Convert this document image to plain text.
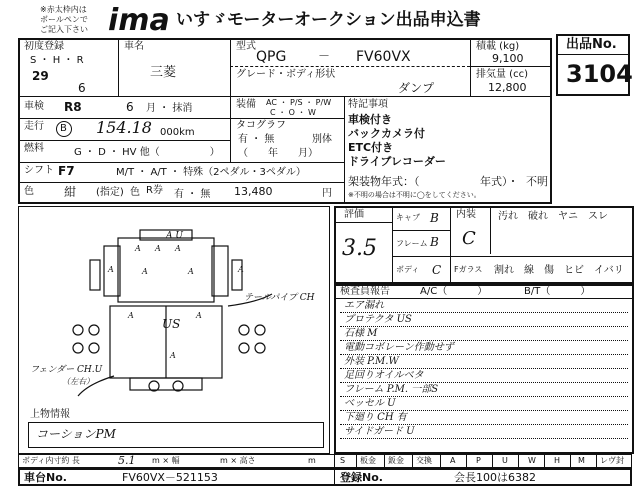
ima いすゞモーターオークション出品申込書
※赤太枠内は
ボールペンで
ご記入下さい
出品No.
3104
初度登録
S ・ H ・ R
29
6
車名
三菱
型式
QPG	－ FV60VX
グレード・ボディ形状
ダンプ
積載 (kg)
9,100
排気量 (cc)
12,800
車検 R8	6 月 ・ 抹消
走行 B 154.18 000km
装備 AC ・ P/S ・ P/W
C ・ O ・ W
タコグラフ
有 ・ 無	別体
（　　年　　月）
特記事項
車検付き
バックカメラ付
ETC付き
ドライブレコーダー
架装物年式：（	年式）・ 不明
※不明の場合は不明に◯をしてください。
燃料	G ・ D ・ HV 他（　　　　　）
シフト F7	M/T ・ A/T ・ 特殊（2ペダル・3ペダル）
色	紺 (指定) 色 R券 有 ・ 無 13,480	円
A U
テールパイプ CH
フェンダー CH.U
（左右）
US
A A A
A	A
A	A
A	A
A
上物情報
コーションPM
評価
3.5
キャブ B
フレーム B
ボディ C
内装
C
Fガラス
汚れ　破れ　ヤニ　スレ
割れ　線　傷　ヒビ　イバリ
検査員報告	A/C（　　　）	B/T（　　　）
エア漏れ
プロテクタ US
石様 M
電動コボレーン作動せず
外装 P.M.W
足回りオイルベタ
フレーム P.M. 一部S
ベッセル U
下廻り CH 有
サイドガード U
ボディ内寸約 長	5.1 m × 幅	m × 高さ	m	S 板金 鈑金 交換 A	P	U	W H M レヴ封
車台No.	FV60VX－521153	登録No.	会長100は6382
